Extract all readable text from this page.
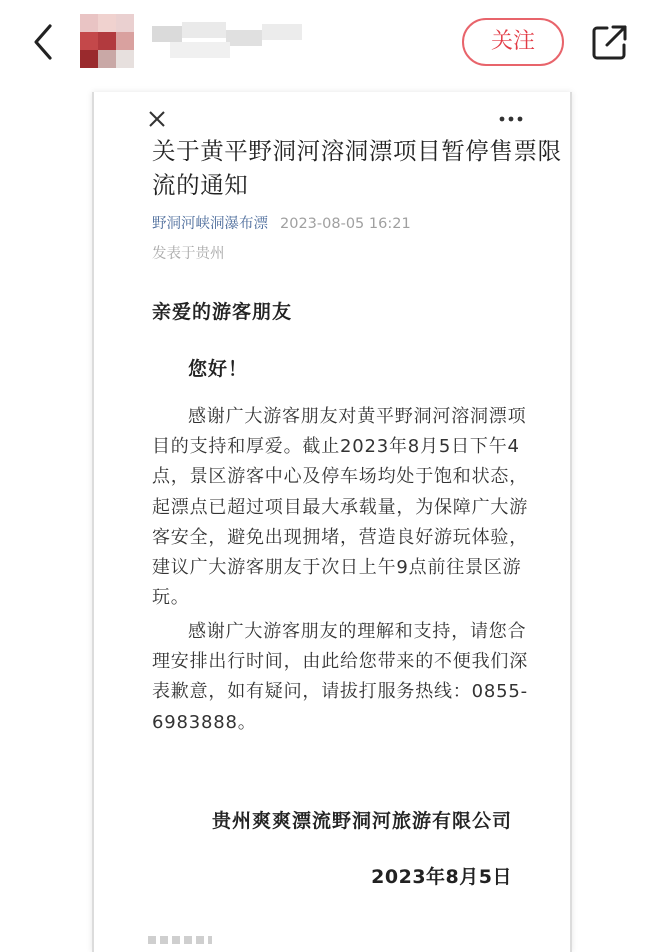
关注
关于黄平野洞河溶洞漂项目暂停售票限流的通知
野洞河峡洞瀑布漂 2023-08-05 16:21
发表于贵州
亲爱的游客朋友
您好！

感谢广大游客朋友对黄平野洞河溶洞漂项目的支持和厚爱。截止2023年8月5日下午4点，景区游客中心及停车场均处于饱和状态，起漂点已超过项目最大承载量，为保障广大游客安全，避免出现拥堵，营造良好游玩体验，建议广大游客朋友于次日上午9点前往景区游玩。

感谢广大游客朋友的理解和支持，请您合理安排出行时间，由此给您带来的不便我们深表歉意，如有疑问，请拔打服务热线：0855-6983888。

贵州爽爽漂流野洞河旅游有限公司
2023年8月5日
